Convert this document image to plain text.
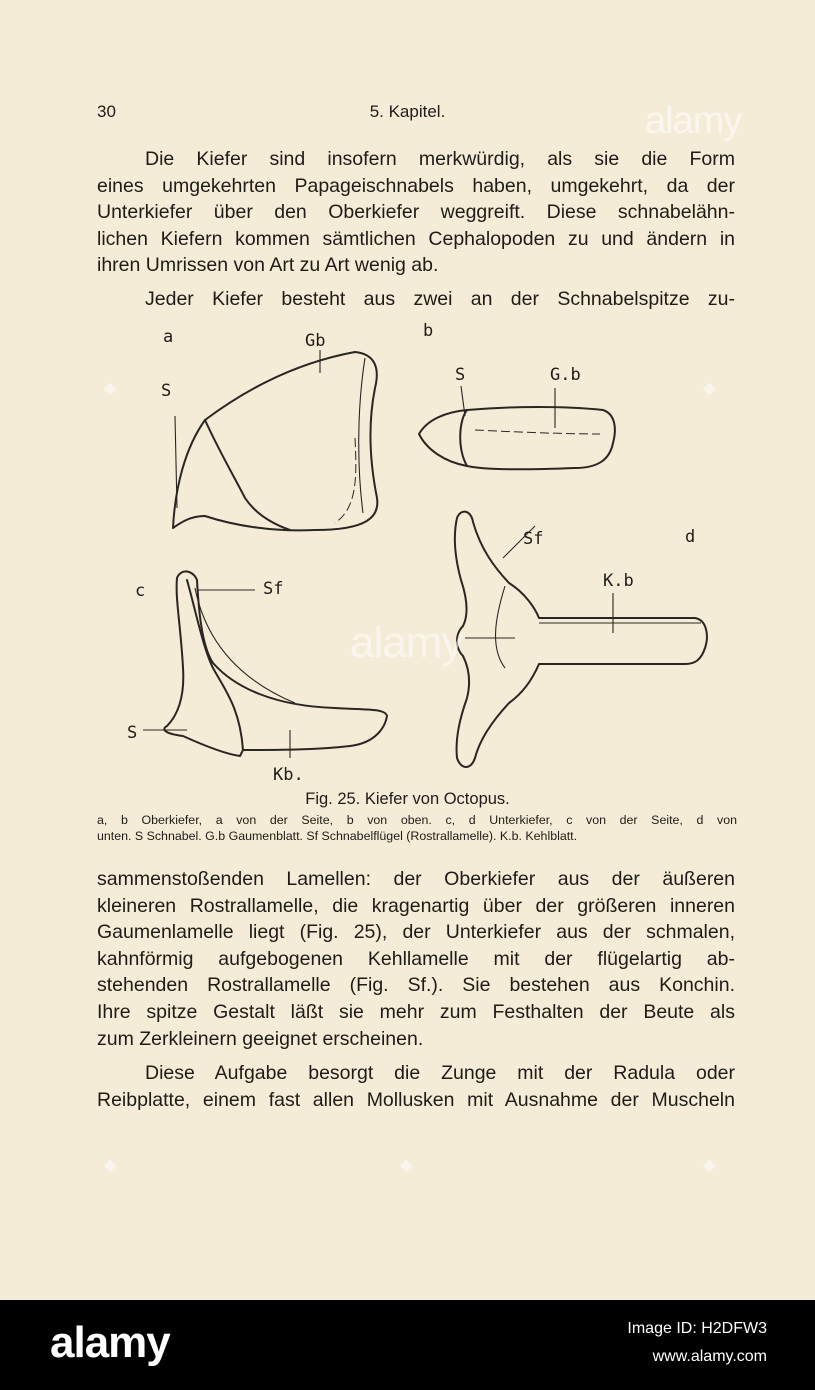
30	5. Kapitel.

Die Kiefer sind insofern merkwürdig, als sie die Form
eines umgekehrten Papageischnabels haben, umgekehrt, da der
Unterkiefer über den Oberkiefer weggreift. Diese schnabelähn-
lichen Kiefern kommen sämtlichen Cephalopoden zu und ändern in
ihren Umrissen von Art zu Art wenig ab.

Jeder Kiefer besteht aus zwei an der Schnabelspitze zu-

a	Gb
S
b
S	G.b
c	Sf
S
Kb.
d
Sf
K.b
Fig. 25. Kiefer von Octopus.
a, b Oberkiefer, a von der Seite, b von oben. c, d Unterkiefer, c von der Seite, d von
unten. S Schnabel. G.b Gaumenblatt. Sf Schnabelflügel (Rostrallamelle). K.b. Kehlblatt.

sammenstoßenden Lamellen: der Oberkiefer aus der äußeren
kleineren Rostrallamelle, die kragenartig über der größeren inneren
Gaumenlamelle liegt (Fig. 25), der Unterkiefer aus der schmalen,
kahnförmig aufgebogenen Kehllamelle mit der flügelartig ab-
stehenden Rostrallamelle (Fig. Sf.). Sie bestehen aus Konchin.
Ihre spitze Gestalt läßt sie mehr zum Festhalten der Beute als
zum Zerkleinern geeignet erscheinen.

Diese Aufgabe besorgt die Zunge mit der Radula oder
Reibplatte, einem fast allen Mollusken mit Ausnahme der Muscheln

alamy
alamy
◆	◆
◆	◆	◆
alamy	Image ID: H2DFW3
www.alamy.com
